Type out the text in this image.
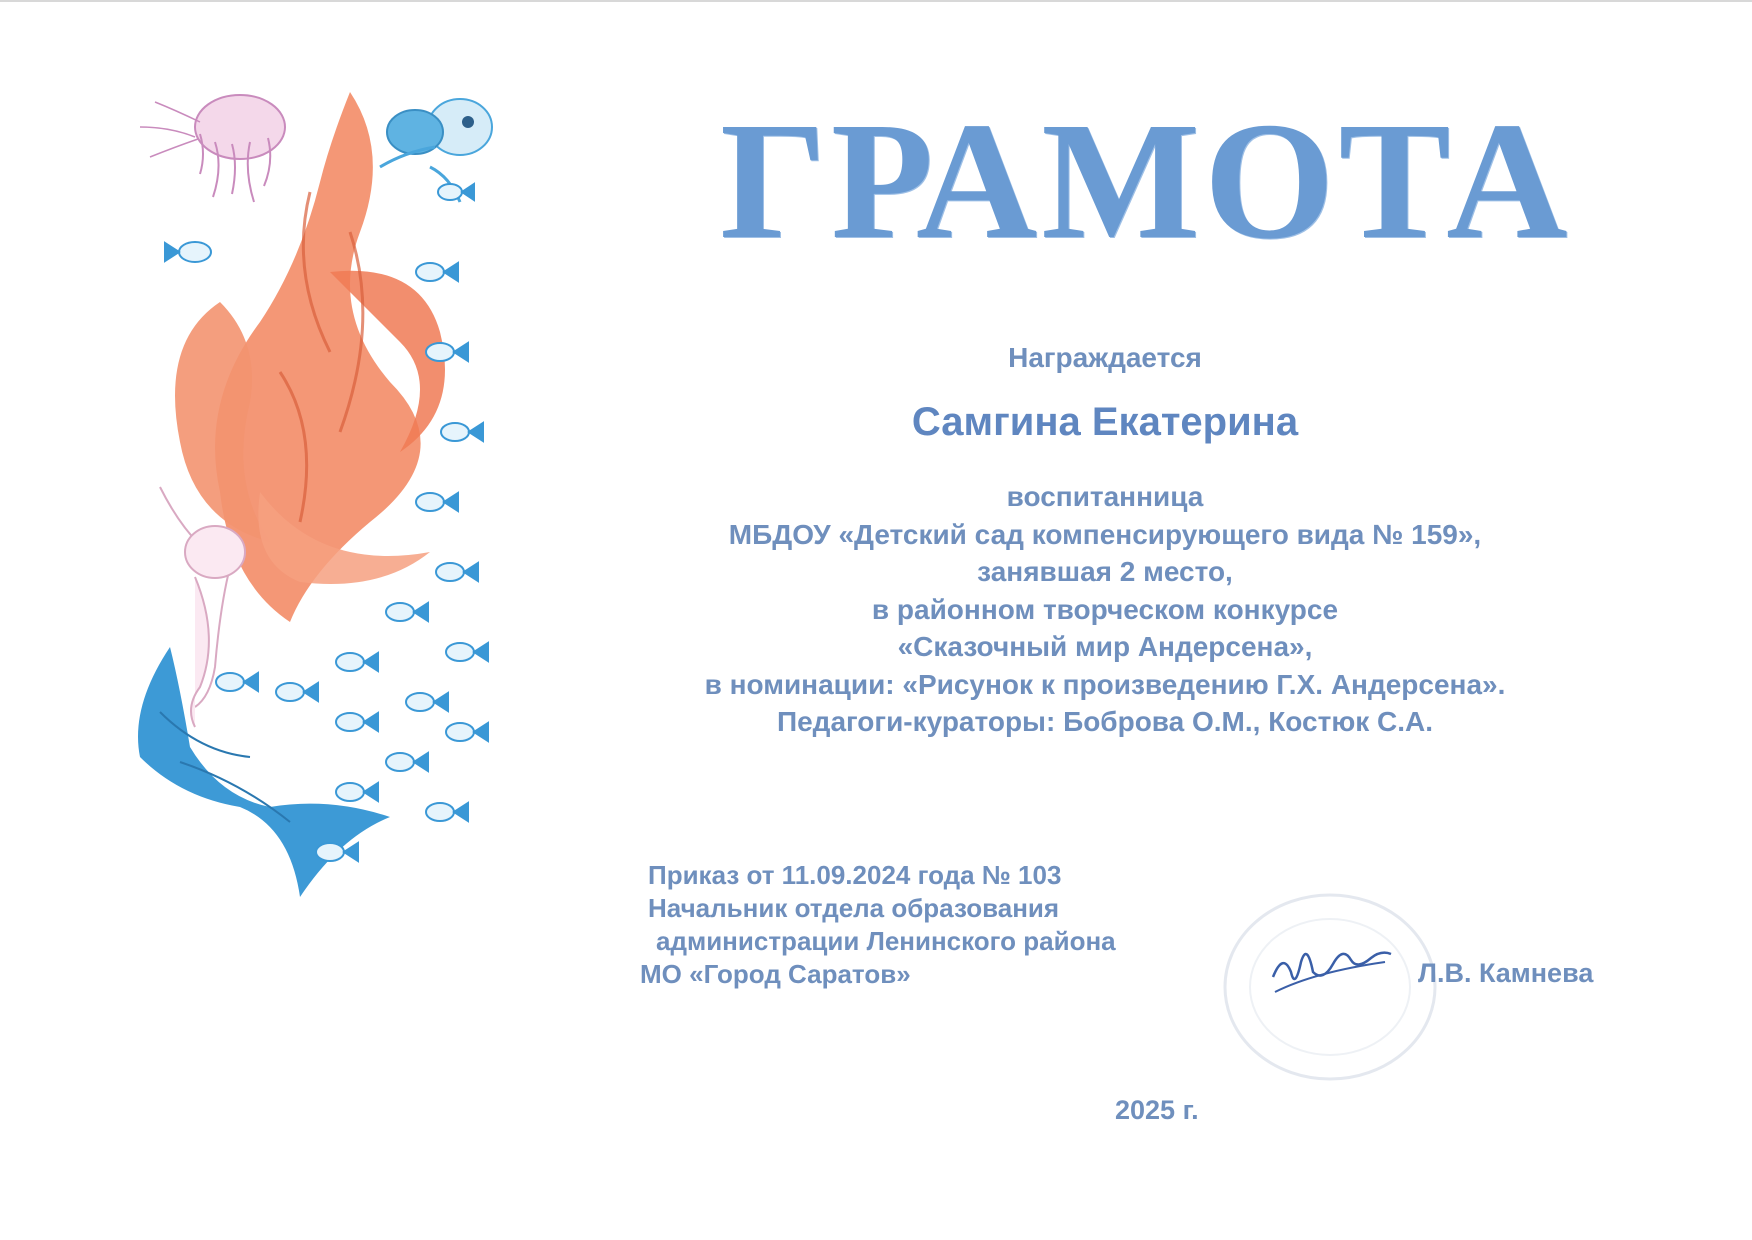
ГРАМОТА
Награждается
Самгина Екатерина
воспитанница
МБДОУ «Детский сад компенсирующего вида № 159»,
занявшая 2 место,
в районном творческом конкурсе
«Сказочный мир Андерсена»,
в номинации: «Рисунок к произведению Г.Х. Андерсена».
Педагоги-кураторы: Боброва О.М., Костюк С.А.
Приказ от 11.09.2024 года № 103
Начальник отдела образования
администрации Ленинского района
МО «Город Саратов»	Л.В. Камнева
2025 г.
